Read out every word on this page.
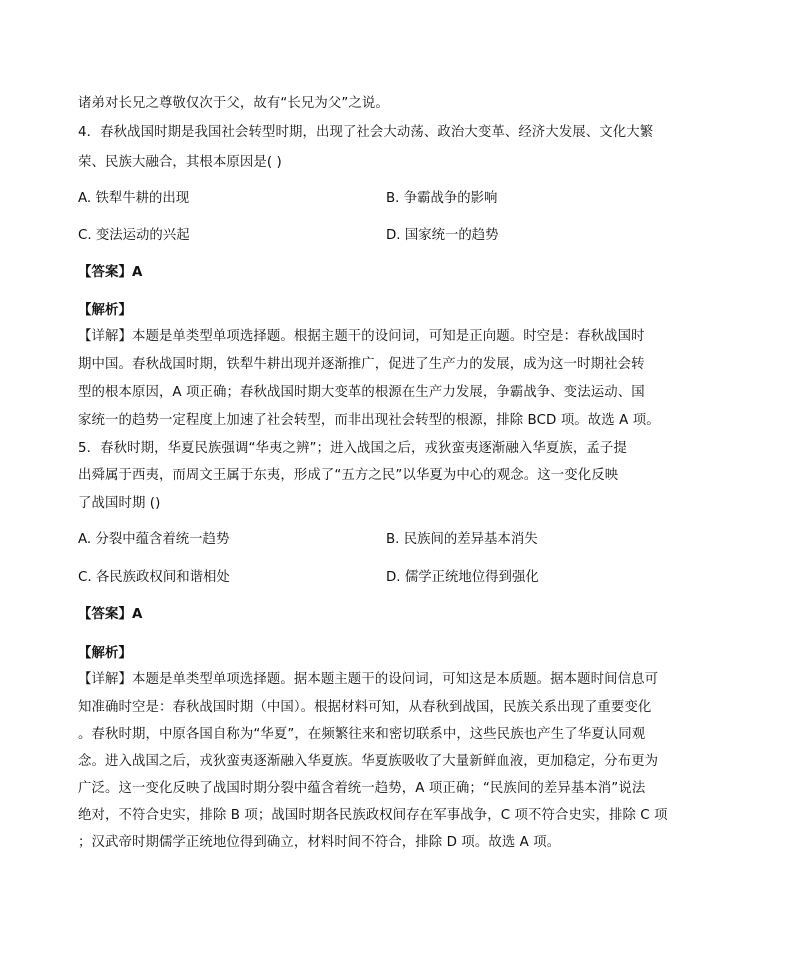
诸弟对长兄之尊敬仅次于父，故有“长兄为父”之说。
4．春秋战国时期是我国社会转型时期，出现了社会大动荡、政治大变革、经济大发展、文化大繁
荣、民族大融合，其根本原因是( )
A. 铁犁牛耕的出现	B. 争霸战争的影响
C. 变法运动的兴起	D. 国家统一的趋势
【答案】A
【解析】
【详解】本题是单类型单项选择题。根据主题干的设问词，可知是正向题。时空是：春秋战国时
期中国。春秋战国时期，铁犁牛耕出现并逐渐推广，促进了生产力的发展，成为这一时期社会转
型的根本原因，A 项正确；春秋战国时期大变革的根源在生产力发展，争霸战争、变法运动、国
家统一的趋势一定程度上加速了社会转型，而非出现社会转型的根源，排除 BCD 项。故选 A 项。
5．春秋时期，华夏民族强调“华夷之辨”；进入战国之后，戎狄蛮夷逐渐融入华夏族，孟子提
出舜属于西夷，而周文王属于东夷，形成了“五方之民”以华夏为中心的观念。这一变化反映
了战国时期 ()
A. 分裂中蕴含着统一趋势	B. 民族间的差异基本消失
C. 各民族政权间和谐相处	D. 儒学正统地位得到强化
【答案】A
【解析】
【详解】本题是单类型单项选择题。据本题主题干的设问词，可知这是本质题。据本题时间信息可
知准确时空是：春秋战国时期（中国）。根据材料可知，从春秋到战国，民族关系出现了重要变化
。春秋时期，中原各国自称为“华夏”，在频繁往来和密切联系中，这些民族也产生了华夏认同观
念。进入战国之后，戎狄蛮夷逐渐融入华夏族。华夏族吸收了大量新鲜血液，更加稳定，分布更为
广泛。这一变化反映了战国时期分裂中蕴含着统一趋势，A 项正确；“民族间的差异基本消”说法
绝对，不符合史实，排除 B 项；战国时期各民族政权间存在军事战争，C 项不符合史实，排除 C 项
；汉武帝时期儒学正统地位得到确立，材料时间不符合，排除 D 项。故选 A 项。
